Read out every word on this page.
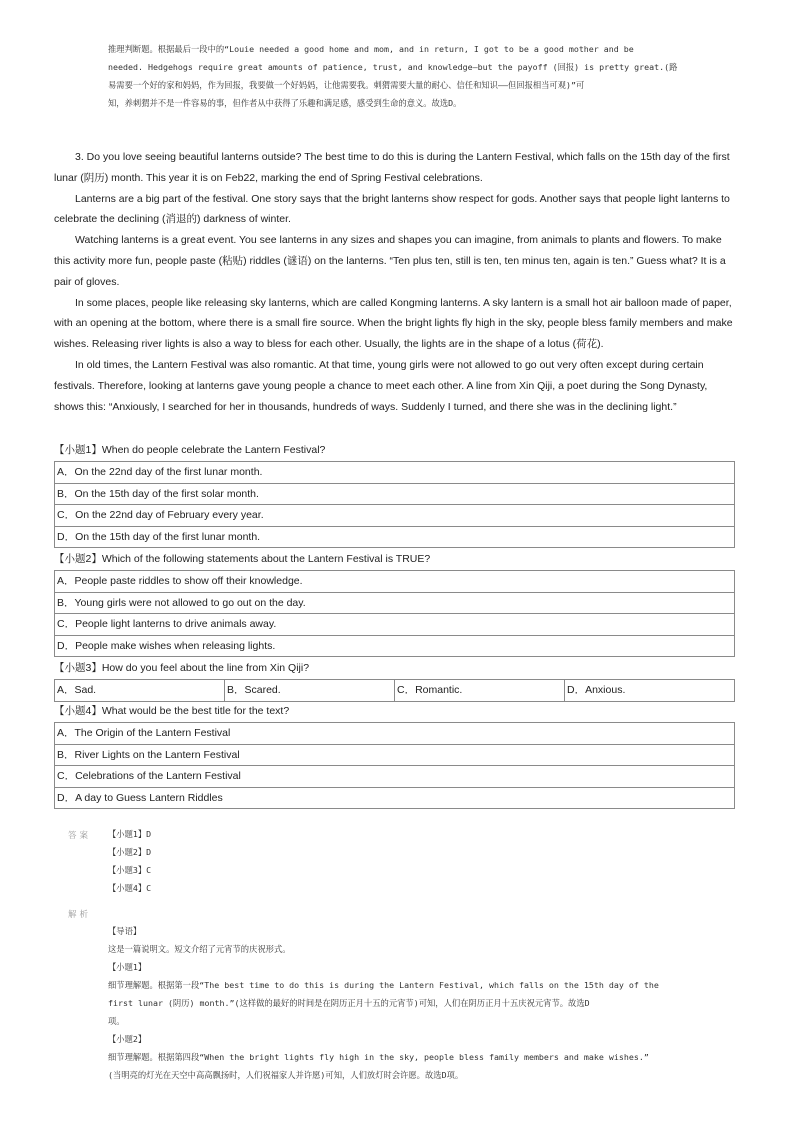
推理判断题。根据最后一段中的“Louie needed a good home and mom, and in return, I got to be a good mother and be

needed. Hedgehogs require great amounts of patience, trust, and knowledge—but the payoff (回报) is pretty great.(路

易需要一个好的家和妈妈，作为回报，我要做一个好妈妈，让他需要我。刺猬需要大量的耐心、信任和知识——但回报相当可观)”可

知，养刺猬并不是一件容易的事，但作者从中获得了乐趣和满足感，感受到生命的意义。故选D。

3. Do you love seeing beautiful lanterns outside? The best time to do this is during the Lantern Festival, which falls on the 15th day of the first lunar (阴历) month. This year it is on Feb22, marking the end of Spring Festival celebrations.

Lanterns are a big part of the festival. One story says that the bright lanterns show respect for gods. Another says that people light lanterns to celebrate the declining (消退的) darkness of winter.

Watching lanterns is a great event. You see lanterns in any sizes and shapes you can imagine, from animals to plants and flowers. To make this activity more fun, people paste (粘贴) riddles (谜语) on the lanterns. “Ten plus ten, still is ten, ten minus ten, again is ten.” Guess what? It is a pair of gloves.

In some places, people like releasing sky lanterns, which are called Kongming lanterns. A sky lantern is a small hot air balloon made of paper, with an opening at the bottom, where there is a small fire source. When the bright lights fly high in the sky, people bless family members and make wishes. Releasing river lights is also a way to bless for each other. Usually, the lights are in the shape of a lotus (荷花).

In old times, the Lantern Festival was also romantic. At that time, young girls were not allowed to go out very often except during certain festivals. Therefore, looking at lanterns gave young people a chance to meet each other. A line from Xin Qiji, a poet during the Song Dynasty, shows this: “Anxiously, I searched for her in thousands, hundreds of ways. Suddenly I turned, and there she was in the declining light.”

【小题1】When do people celebrate the Lantern Festival?
A．On the 22nd day of the first lunar month.
B．On the 15th day of the first solar month.
C．On the 22nd day of February every year.
D．On the 15th day of the first lunar month.
【小题2】Which of the following statements about the Lantern Festival is TRUE?
A．People paste riddles to show off their knowledge.
B．Young girls were not allowed to go out on the day.
C．People light lanterns to drive animals away.
D．People make wishes when releasing lights.
【小题3】How do you feel about the line from Xin Qiji?
A．Sad.	B．Scared.	C．Romantic.	D．Anxious.
【小题4】What would be the best title for the text?
A．The Origin of the Lantern Festival
B．River Lights on the Lantern Festival
C．Celebrations of the Lantern Festival
D．A day to Guess Lantern Riddles
答案 【小题1】D
【小题2】D
【小题3】C
【小题4】C
解析

【导语】

这是一篇说明文。短文介绍了元宵节的庆祝形式。

【小题1】

细节理解题。根据第一段“The best time to do this is during the Lantern Festival, which falls on the 15th day of the

first lunar (阴历) month.”(这样做的最好的时间是在阴历正月十五的元宵节)可知，人们在阴历正月十五庆祝元宵节。故选D

项。

【小题2】

细节理解题。根据第四段“When the bright lights fly high in the sky, people bless family members and make wishes.”

(当明亮的灯光在天空中高高飘扬时，人们祝福家人并许愿)可知，人们放灯时会许愿。故选D项。
